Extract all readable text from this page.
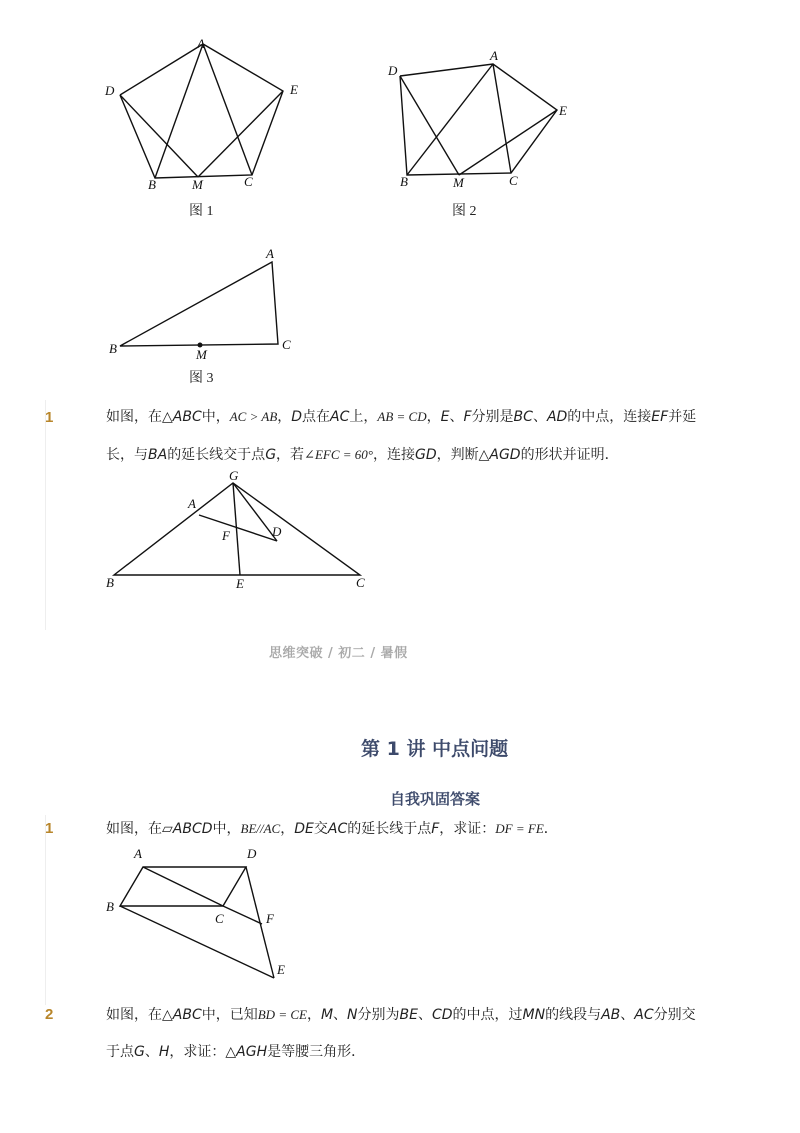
A
D	E
B	M	C
图 1
A
D
E
B	M	C
图 2
A
B	C
M
图 3
1	如图，在△ABC中，AC > AB，D点在AC上，AB = CD，E、F分别是BC、AD的中点，连接EF并延
长，与BA的延长线交于点G，若∠EFC = 60°，连接GD，判断△AGD的形状并证明．
G
A
D
F
B	E	C
思维突破 / 初二 / 暑假
第 1 讲 中点问题
自我巩固答案
1	如图，在▱ABCD中，BE//AC，DE交AC的延长线于点F，求证：DF = FE．
A	D
B
C	F
E
2	如图，在△ABC中，已知BD = CE，M、N分别为BE、CD的中点，过MN的线段与AB、AC分别交
于点G、H，求证：△AGH是等腰三角形．
